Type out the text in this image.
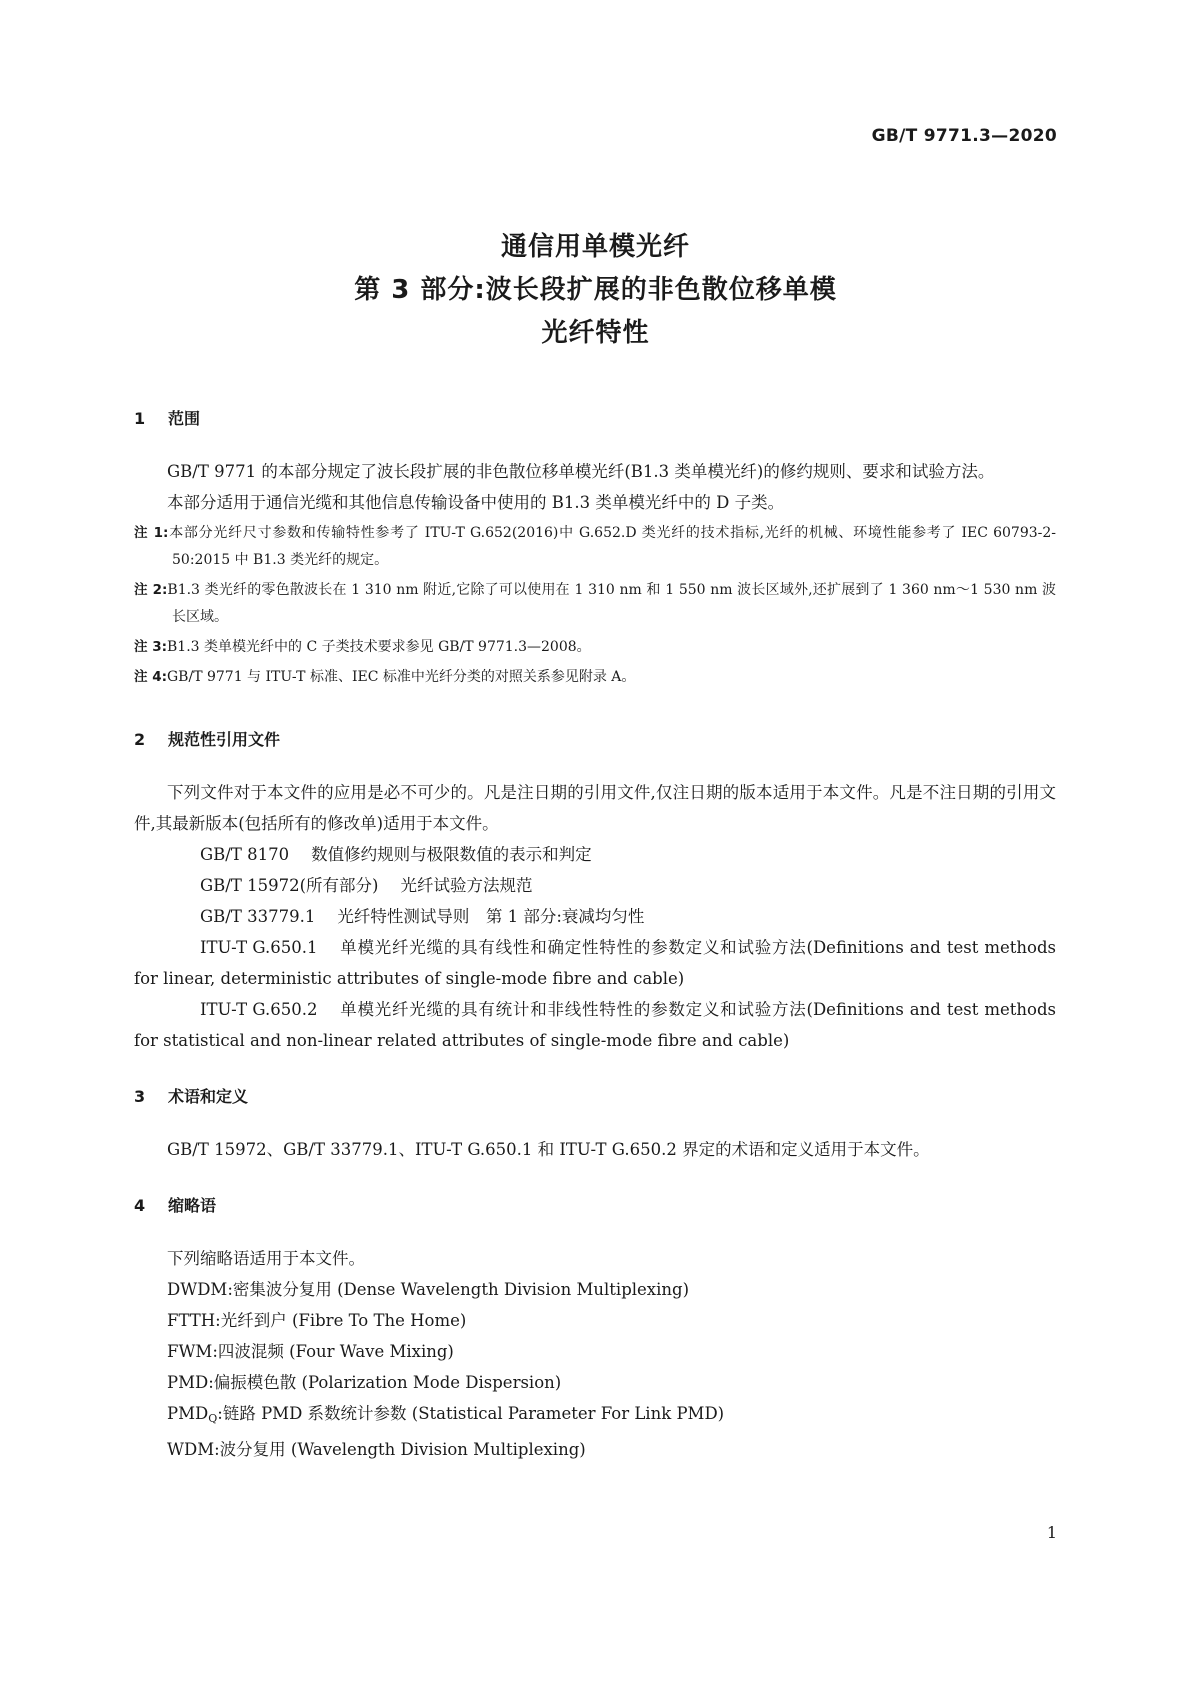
GB/T 9771.3—2020
通信用单模光纤
第 3 部分:波长段扩展的非色散位移单模
光纤特性
1	范围

GB/T 9771 的本部分规定了波长段扩展的非色散位移单模光纤(B1.3 类单模光纤)的修约规则、要求和试验方法。

本部分适用于通信光缆和其他信息传输设备中使用的 B1.3 类单模光纤中的 D 子类。

注 1:本部分光纤尺寸参数和传输特性参考了 ITU-T G.652(2016)中 G.652.D 类光纤的技术指标,光纤的机械、环境性能参考了 IEC 60793-2-50:2015 中 B1.3 类光纤的规定。

注 2:B1.3 类光纤的零色散波长在 1 310 nm 附近,它除了可以使用在 1 310 nm 和 1 550 nm 波长区域外,还扩展到了 1 360 nm～1 530 nm 波长区域。

注 3:B1.3 类单模光纤中的 C 子类技术要求参见 GB/T 9771.3—2008。

注 4:GB/T 9771 与 ITU-T 标准、IEC 标准中光纤分类的对照关系参见附录 A。

2	规范性引用文件

下列文件对于本文件的应用是必不可少的。凡是注日期的引用文件,仅注日期的版本适用于本文件。凡是不注日期的引用文件,其最新版本(包括所有的修改单)适用于本文件。

GB/T 8170 数值修约规则与极限数值的表示和判定

GB/T 15972(所有部分) 光纤试验方法规范

GB/T 33779.1 光纤特性测试导则　第 1 部分:衰减均匀性

ITU-T G.650.1 单模光纤光缆的具有线性和确定性特性的参数定义和试验方法(Definitions and test methods for linear, deterministic attributes of single-mode fibre and cable)

ITU-T G.650.2 单模光纤光缆的具有统计和非线性特性的参数定义和试验方法(Definitions and test methods for statistical and non-linear related attributes of single-mode fibre and cable)

3	术语和定义

GB/T 15972、GB/T 33779.1、ITU-T G.650.1 和 ITU-T G.650.2 界定的术语和定义适用于本文件。

4	缩略语

下列缩略语适用于本文件。

DWDM:密集波分复用 (Dense Wavelength Division Multiplexing)

FTTH:光纤到户 (Fibre To The Home)

FWM:四波混频 (Four Wave Mixing)

PMD:偏振模色散 (Polarization Mode Dispersion)

$PMD_Q$:链路 PMD 系数统计参数 (Statistical Parameter For Link PMD)

WDM:波分复用 (Wavelength Division Multiplexing)

1
